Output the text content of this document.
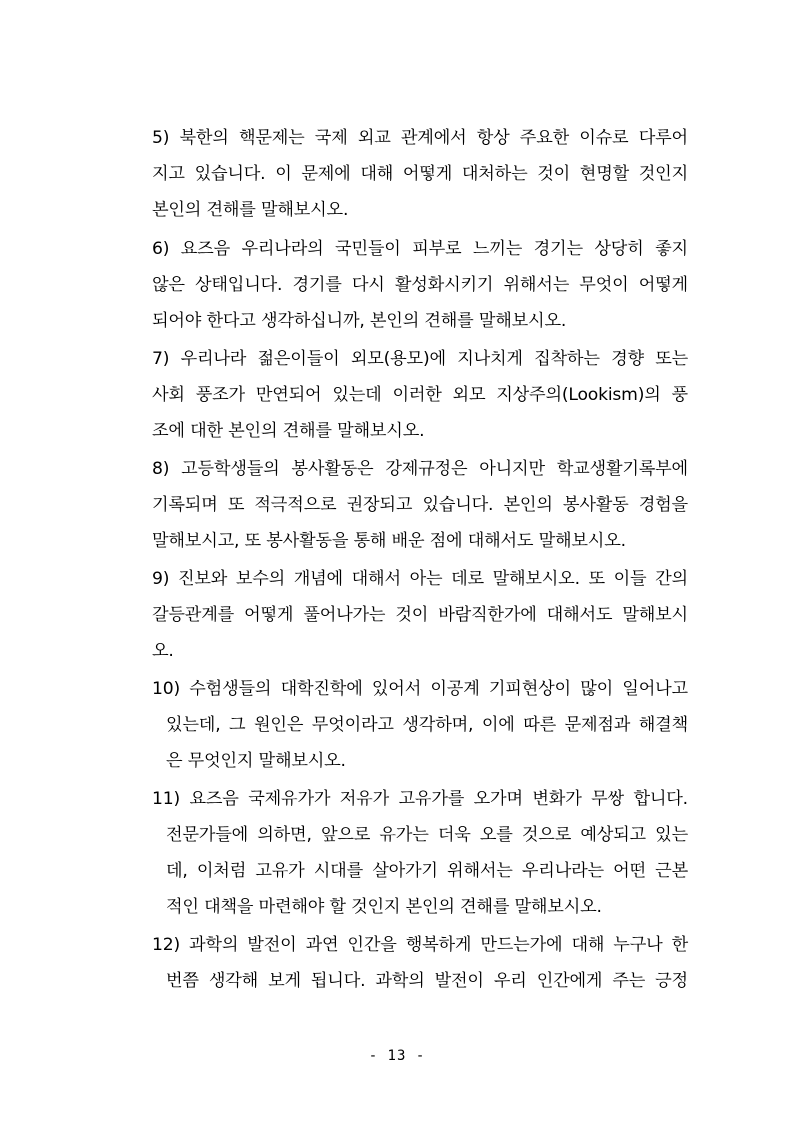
5) 북한의 핵문제는 국제 외교 관계에서 항상 주요한 이슈로 다루어
지고 있습니다. 이 문제에 대해 어떻게 대처하는 것이 현명할 것인지
본인의 견해를 말해보시오.
6) 요즈음 우리나라의 국민들이 피부로 느끼는 경기는 상당히 좋지
않은 상태입니다. 경기를 다시 활성화시키기 위해서는 무엇이 어떻게
되어야 한다고 생각하십니까, 본인의 견해를 말해보시오.
7) 우리나라 젊은이들이 외모(용모)에 지나치게 집착하는 경향 또는
사회 풍조가 만연되어 있는데 이러한 외모 지상주의(Lookism)의 풍
조에 대한 본인의 견해를 말해보시오.
8) 고등학생들의 봉사활동은 강제규정은 아니지만 학교생활기록부에
기록되며 또 적극적으로 권장되고 있습니다. 본인의 봉사활동 경험을
말해보시고, 또 봉사활동을 통해 배운 점에 대해서도 말해보시오.
9) 진보와 보수의 개념에 대해서 아는 데로 말해보시오. 또 이들 간의
갈등관계를 어떻게 풀어나가는 것이 바람직한가에 대해서도 말해보시
오.
10) 수험생들의 대학진학에 있어서 이공계 기피현상이 많이 일어나고
있는데, 그 원인은 무엇이라고 생각하며, 이에 따른 문제점과 해결책
은 무엇인지 말해보시오.
11) 요즈음 국제유가가 저유가 고유가를 오가며 변화가 무쌍 합니다.
전문가들에 의하면, 앞으로 유가는 더욱 오를 것으로 예상되고 있는
데, 이처럼 고유가 시대를 살아가기 위해서는 우리나라는 어떤 근본
적인 대책을 마련해야 할 것인지 본인의 견해를 말해보시오.
12) 과학의 발전이 과연 인간을 행복하게 만드는가에 대해 누구나 한
번쯤 생각해 보게 됩니다. 과학의 발전이 우리 인간에게 주는 긍정
- 13 -
